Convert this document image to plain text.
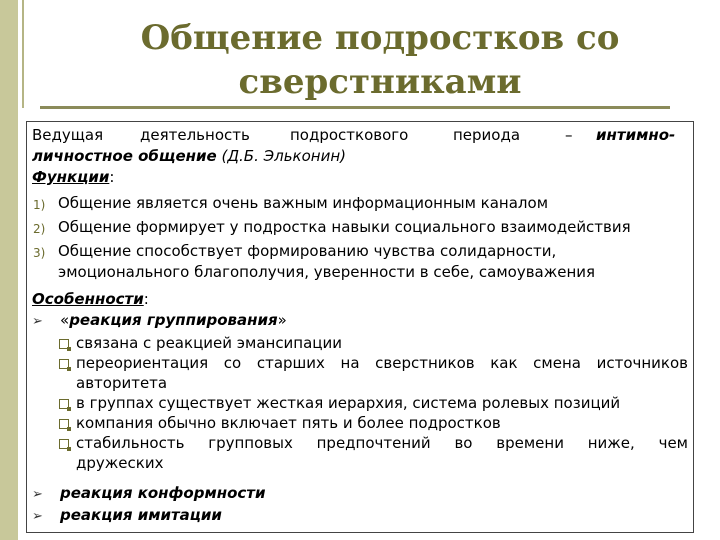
Общение подростков со
сверстниками
Ведущая деятельность	подросткового	периода	– интимно-
личностное общение (Д.Б. Эльконин)
Функции:
1) Общение является очень важным информационным каналом
2) Общение формирует у подростка навыки социального взаимодействия
3) Общение способствует формированию чувства солидарности,
эмоционального благополучия, уверенности в себе, самоуважения
Особенности:
➢ «реакция группирования»
связана с реакцией эмансипации
переориентация со старших на сверстников как смена источников
авторитета
в группах существует жесткая иерархия, система ролевых позиций
компания обычно включает пять и более подростков
стабильность групповых предпочтений во времени ниже, чем
дружеских
➢ реакция конформности
➢ реакция имитации
